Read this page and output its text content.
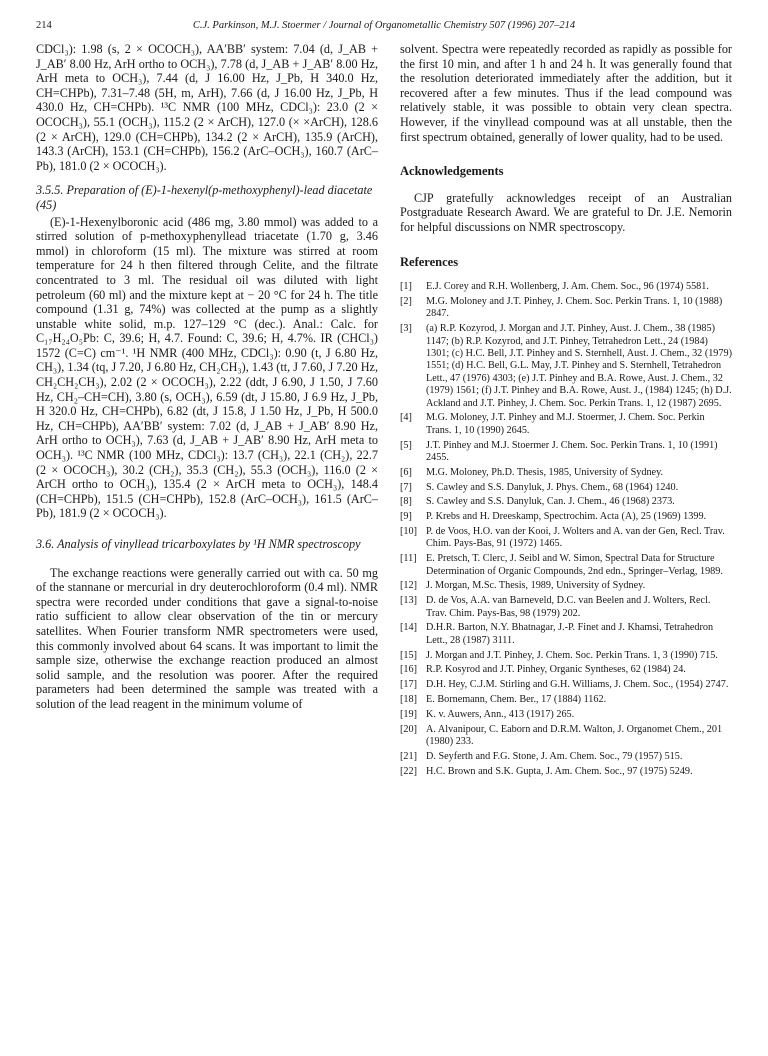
214	C.J. Parkinson, M.J. Stoermer / Journal of Organometallic Chemistry 507 (1996) 207–214

CDCl₃): 1.98 (s, 2 × OCOCH₃), AA′BB′ system: 7.04 (d, J_AB + J_AB′ 8.00 Hz, ArH ortho to OCH₃), 7.78 (d, J_AB + J_AB′ 8.00 Hz, ArH meta to OCH₃), 7.44 (d, J 16.00 Hz, J_Pb, H 340.0 Hz, CH=CHPb), 7.31–7.48 (5H, m, ArH), 7.66 (d, J 16.00 Hz, J_Pb, H 430.0 Hz, CH=CHPb). ¹³C NMR (100 MHz, CDCl₃): 23.0 (2 × OCOCH₃), 55.1 (OCH₃), 115.2 (2 × ArCH), 127.0 (× ×ArCH), 128.6 (2 × ArCH), 129.0 (CH=CHPb), 134.2 (2 × ArCH), 135.9 (ArCH), 143.3 (ArCH), 153.1 (CH=CHPb), 156.2 (ArC–OCH₃), 160.7 (ArC–Pb), 181.0 (2 × OCOCH₃).

3.5.5. Preparation of (E)-1-hexenyl(p-methoxyphenyl)-lead diacetate (45)

(E)-1-Hexenylboronic acid (486 mg, 3.80 mmol) was added to a stirred solution of p-methoxyphenyllead triacetate (1.70 g, 3.46 mmol) in chloroform (15 ml). The mixture was stirred at room temperature for 24 h then filtered through Celite, and the filtrate concentrated to 3 ml. The residual oil was diluted with light petroleum (60 ml) and the mixture kept at − 20 °C for 24 h. The title compound (1.31 g, 74%) was collected at the pump as a slightly unstable white solid, m.p. 127–129 °C (dec.). Anal.: Calc. for C₁₇H₂₄O₅Pb: C, 39.6; H, 4.7. Found: C, 39.6; H, 4.7%. IR (CHCl₃) 1572 (C=C) cm⁻¹. ¹H NMR (400 MHz, CDCl₃): 0.90 (t, J 6.80 Hz, CH₃), 1.34 (tq, J 7.20, J 6.80 Hz, CH₂CH₃), 1.43 (tt, J 7.60, J 7.20 Hz, CH₂CH₂CH₃), 2.02 (2 × OCOCH₃), 2.22 (ddt, J 6.90, J 1.50, J 7.60 Hz, CH₂–CH=CH), 3.80 (s, OCH₃), 6.59 (dt, J 15.80, J 6.9 Hz, J_Pb, H 320.0 Hz, CH=CHPb), 6.82 (dt, J 15.8, J 1.50 Hz, J_Pb, H 500.0 Hz, CH=CHPb), AA′BB′ system: 7.02 (d, J_AB + J_AB′ 8.90 Hz, ArH ortho to OCH₃), 7.63 (d, J_AB + J_AB′ 8.90 Hz, ArH meta to OCH₃). ¹³C NMR (100 MHz, CDCl₃): 13.7 (CH₃), 22.1 (CH₂), 22.7 (2 × OCOCH₃), 30.2 (CH₂), 35.3 (CH₂), 55.3 (OCH₃), 116.0 (2 × ArCH ortho to OCH₃), 135.4 (2 × ArCH meta to OCH₃), 148.4 (CH=CHPb), 151.5 (CH=CHPb), 152.8 (ArC–OCH₃), 161.5 (ArC–Pb), 181.9 (2 × OCOCH₃).

3.6. Analysis of vinyllead tricarboxylates by ¹H NMR spectroscopy

The exchange reactions were generally carried out with ca. 50 mg of the stannane or mercurial in dry deuterochloroform (0.4 ml). NMR spectra were recorded under conditions that gave a signal-to-noise ratio sufficient to allow clear observation of the tin or mercury satellites. When Fourier transform NMR spectrometers were used, this commonly involved about 64 scans. It was important to limit the sample size, otherwise the exchange reaction produced an almost solid sample, and the resolution was poorer. After the required parameters had been determined the sample was treated with a solution of the lead reagent in the minimum volume of

solvent. Spectra were repeatedly recorded as rapidly as possible for the first 10 min, and after 1 h and 24 h. It was generally found that the resolution deteriorated immediately after the addition, but it recovered after a few minutes. Thus if the lead compound was relatively stable, it was possible to obtain very clean spectra. However, if the vinyllead compound was at all unstable, then the first spectrum obtained, generally of lower quality, had to be used.

Acknowledgements

CJP gratefully acknowledges receipt of an Australian Postgraduate Research Award. We are grateful to Dr. J.E. Nemorin for helpful discussions on NMR spectroscopy.

References

[1] E.J. Corey and R.H. Wollenberg, J. Am. Chem. Soc., 96 (1974) 5581.
[2] M.G. Moloney and J.T. Pinhey, J. Chem. Soc. Perkin Trans. 1, 10 (1988) 2847.
[3] (a) R.P. Kozyrod, J. Morgan and J.T. Pinhey, Aust. J. Chem., 38 (1985) 1147; (b) R.P. Kozyrod, and J.T. Pinhey, Tetrahedron Lett., 24 (1984) 1301; (c) H.C. Bell, J.T. Pinhey and S. Sternhell, Aust. J. Chem., 32 (1979) 1551; (d) H.C. Bell, G.L. May, J.T. Pinhey and S. Sternhell, Tetrahedron Lett., 47 (1976) 4303; (e) J.T. Pinhey and B.A. Rowe, Aust. J. Chem., 32 (1979) 1561; (f) J.T. Pinhey and B.A. Rowe, Aust. J., (1984) 1245; (h) D.J. Ackland and J.T. Pinhey, J. Chem. Soc. Perkin Trans. 1, 12 (1987) 2695.
[4] M.G. Moloney, J.T. Pinhey and M.J. Stoermer, J. Chem. Soc. Perkin Trans. 1, 10 (1990) 2645.
[5] J.T. Pinhey and M.J. Stoermer J. Chem. Soc. Perkin Trans. 1, 10 (1991) 2455.
[6] M.G. Moloney, Ph.D. Thesis, 1985, University of Sydney.
[7] S. Cawley and S.S. Danyluk, J. Phys. Chem., 68 (1964) 1240.
[8] S. Cawley and S.S. Danyluk, Can. J. Chem., 46 (1968) 2373.
[9] P. Krebs and H. Dreeskamp, Spectrochim. Acta (A), 25 (1969) 1399.
[10] P. de Voos, H.O. van der Kooi, J. Wolters and A. van der Gen, Recl. Trav. Chim. Pays-Bas, 91 (1972) 1465.
[11] E. Pretsch, T. Clerc, J. Seibl and W. Simon, Spectral Data for Structure Determination of Organic Compounds, 2nd edn., Springer–Verlag, 1989.
[12] J. Morgan, M.Sc. Thesis, 1989, University of Sydney.
[13] D. de Vos, A.A. van Barneveld, D.C. van Beelen and J. Wolters, Recl. Trav. Chim. Pays-Bas, 98 (1979) 202.
[14] D.H.R. Barton, N.Y. Bhatnagar, J.-P. Finet and J. Khamsi, Tetrahedron Lett., 28 (1987) 3111.
[15] J. Morgan and J.T. Pinhey, J. Chem. Soc. Perkin Trans. 1, 3 (1990) 715.
[16] R.P. Kosyrod and J.T. Pinhey, Organic Syntheses, 62 (1984) 24.
[17] D.H. Hey, C.J.M. Stirling and G.H. Williams, J. Chem. Soc., (1954) 2747.
[18] E. Bornemann, Chem. Ber., 17 (1884) 1162.
[19] K. v. Auwers, Ann., 413 (1917) 265.
[20] A. Alvanipour, C. Eaborn and D.R.M. Walton, J. Organomet Chem., 201 (1980) 233.
[21] D. Seyferth and F.G. Stone, J. Am. Chem. Soc., 79 (1957) 515.
[22] H.C. Brown and S.K. Gupta, J. Am. Chem. Soc., 97 (1975) 5249.
